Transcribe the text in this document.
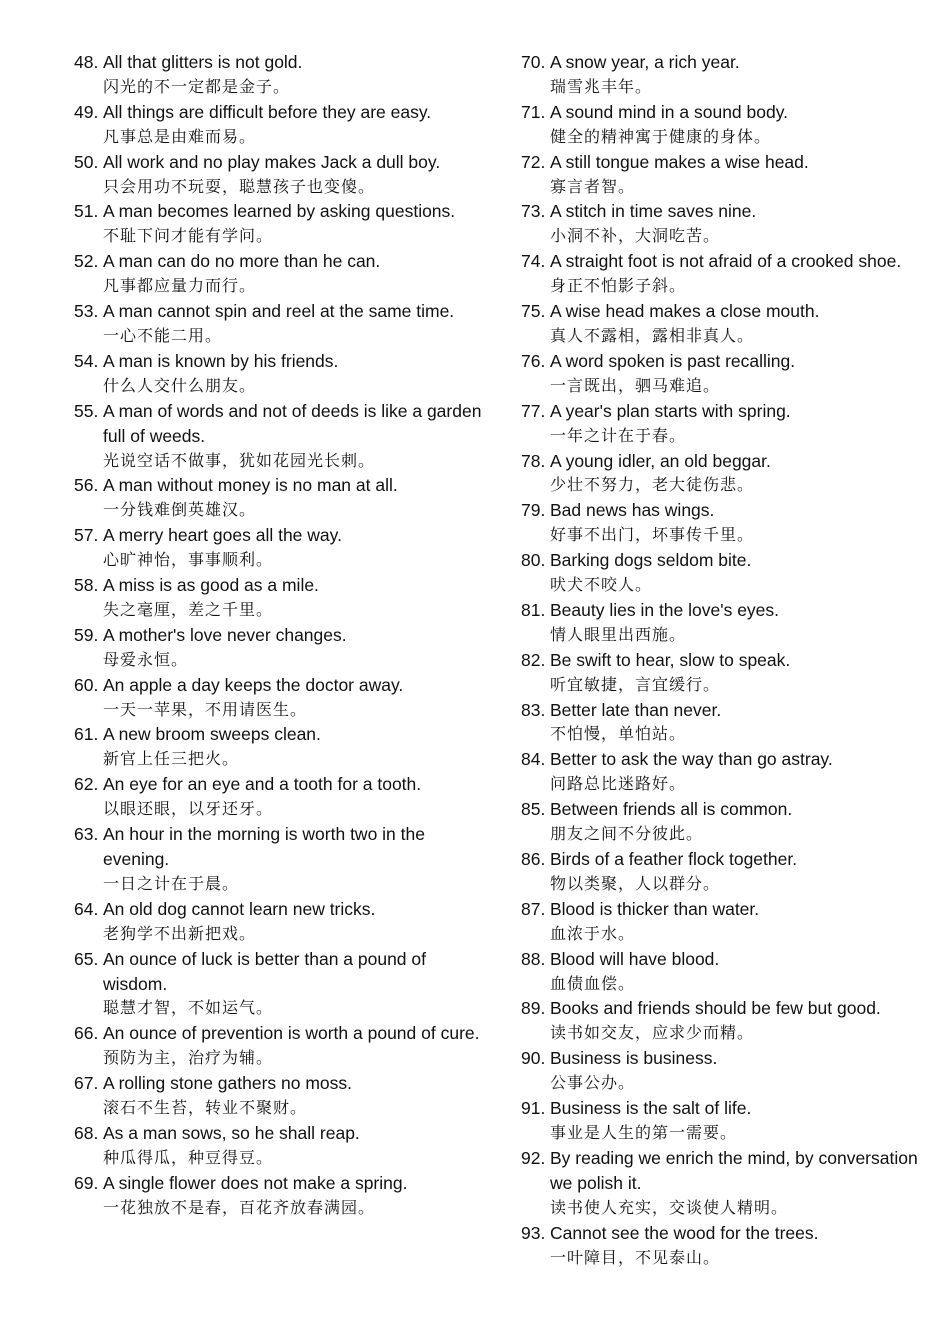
48. All that glitters is not gold.
闪光的不一定都是金子。
49. All things are difficult before they are easy.
凡事总是由难而易。
50. All work and no play makes Jack a dull boy.
只会用功不玩耍，聪慧孩子也变傻。
51. A man becomes learned by asking questions.
不耻下问才能有学问。
52. A man can do no more than he can.
凡事都应量力而行。
53. A man cannot spin and reel at the same time.
一心不能二用。
54. A man is known by his friends.
什么人交什么朋友。
55. A man of words and not of deeds is like a garden full of weeds.
光说空话不做事，犹如花园光长刺。
56. A man without money is no man at all.
一分钱难倒英雄汉。
57. A merry heart goes all the way.
心旷神怡，事事顺利。
58. A miss is as good as a mile.
失之毫厘，差之千里。
59. A mother's love never changes.
母爱永恒。
60. An apple a day keeps the doctor away.
一天一苹果，不用请医生。
61. A new broom sweeps clean.
新官上任三把火。
62. An eye for an eye and a tooth for a tooth.
以眼还眼，以牙还牙。
63. An hour in the morning is worth two in the evening.
一日之计在于晨。
64. An old dog cannot learn new tricks.
老狗学不出新把戏。
65. An ounce of luck is better than a pound of wisdom.
聪慧才智，不如运气。
66. An ounce of prevention is worth a pound of cure.
预防为主，治疗为辅。
67. A rolling stone gathers no moss.
滚石不生苔，转业不聚财。
68. As a man sows, so he shall reap.
种瓜得瓜，种豆得豆。
69. A single flower does not make a spring.
一花独放不是春，百花齐放春满园。
70. A snow year, a rich year.
瑞雪兆丰年。
71. A sound mind in a sound body.
健全的精神寓于健康的身体。
72. A still tongue makes a wise head.
寡言者智。
73. A stitch in time saves nine.
小洞不补，大洞吃苦。
74. A straight foot is not afraid of a crooked shoe.
身正不怕影子斜。
75. A wise head makes a close mouth.
真人不露相，露相非真人。
76. A word spoken is past recalling.
一言既出，驷马难追。
77. A year's plan starts with spring.
一年之计在于春。
78. A young idler, an old beggar.
少壮不努力，老大徒伤悲。
79. Bad news has wings.
好事不出门，坏事传千里。
80. Barking dogs seldom bite.
吠犬不咬人。
81. Beauty lies in the love's eyes.
情人眼里出西施。
82. Be swift to hear, slow to speak.
听宜敏捷，言宜缓行。
83. Better late than never.
不怕慢，单怕站。
84. Better to ask the way than go astray.
问路总比迷路好。
85. Between friends all is common.
朋友之间不分彼此。
86. Birds of a feather flock together.
物以类聚，人以群分。
87. Blood is thicker than water.
血浓于水。
88. Blood will have blood.
血债血偿。
89. Books and friends should be few but good.
读书如交友，应求少而精。
90. Business is business.
公事公办。
91. Business is the salt of life.
事业是人生的第一需要。
92. By reading we enrich the mind, by conversation we polish it.
读书使人充实，交谈使人精明。
93. Cannot see the wood for the trees.
一叶障目，不见泰山。
